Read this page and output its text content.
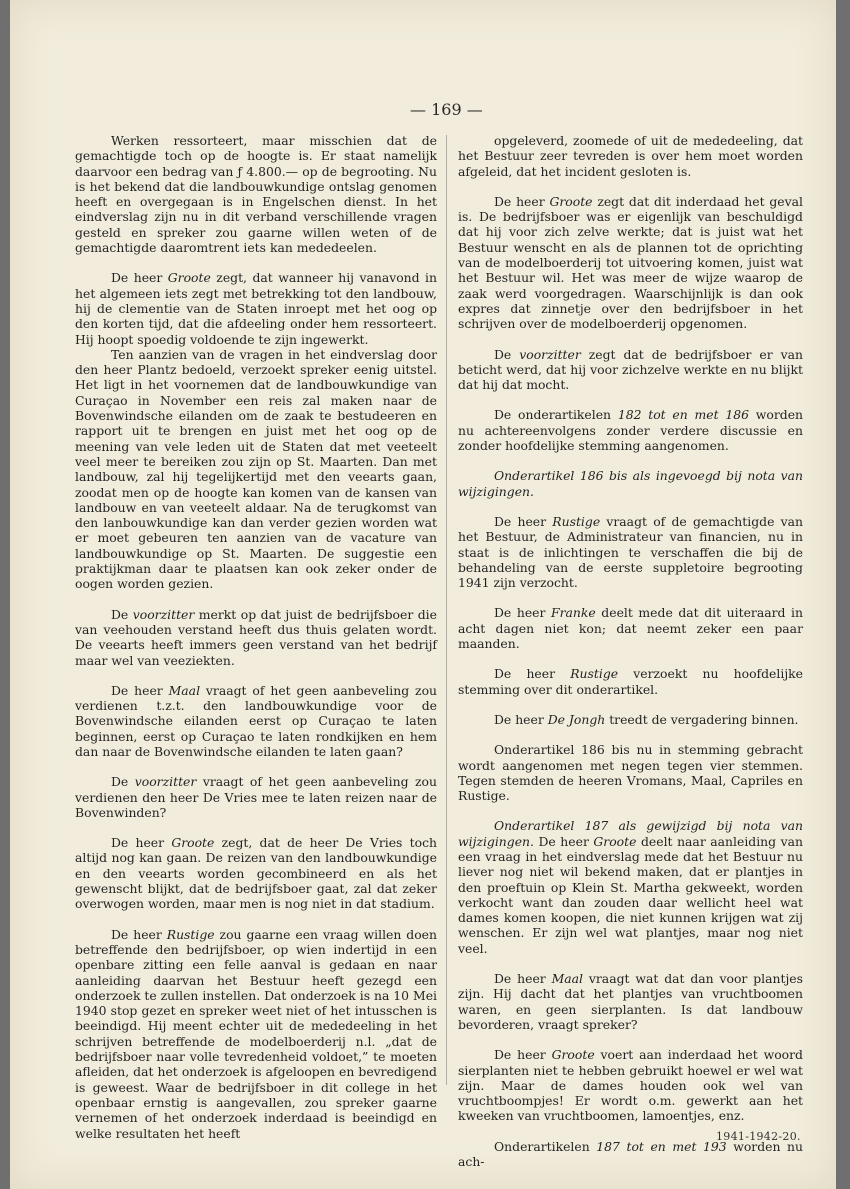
— 169 —

Werken ressorteert, maar misschien dat de gemachtigde toch op de hoogte is. Er staat namelijk daarvoor een bedrag van ƒ 4.800.— op de begrooting. Nu is het bekend dat die landbouwkundige ontslag genomen heeft en overgegaan is in Engelschen dienst. In het eindverslag zijn nu in dit verband verschillende vragen gesteld en spreker zou gaarne willen weten of de gemachtigde daaromtrent iets kan mededeelen.

De heer Groote zegt, dat wanneer hij vanavond in het algemeen iets zegt met betrekking tot den landbouw, hij de clementie van de Staten inroept met het oog op den korten tijd, dat die afdeeling onder hem ressorteert. Hij hoopt spoedig voldoende te zijn ingewerkt.

Ten aanzien van de vragen in het eindverslag door den heer Plantz bedoeld, verzoekt spreker eenig uitstel. Het ligt in het voornemen dat de landbouwkundige van Curaçao in November een reis zal maken naar de Bovenwindsche eilanden om de zaak te bestudeeren en rapport uit te brengen en juist met het oog op de meening van vele leden uit de Staten dat met veeteelt veel meer te bereiken zou zijn op St. Maarten. Dan met landbouw, zal hij tegelijkertijd met den veearts gaan, zoodat men op de hoogte kan komen van de kansen van landbouw en van veeteelt aldaar. Na de terugkomst van den lanbouwkundige kan dan verder gezien worden wat er moet gebeuren ten aanzien van de vacature van landbouwkundige op St. Maarten. De suggestie een praktijkman daar te plaatsen kan ook zeker onder de oogen worden gezien.

De voorzitter merkt op dat juist de bedrijfsboer die van veehouden verstand heeft dus thuis gelaten wordt. De veearts heeft immers geen verstand van het bedrijf maar wel van veeziekten.

De heer Maal vraagt of het geen aanbeveling zou verdienen t.z.t. den landbouwkundige voor de Bovenwindsche eilanden eerst op Curaçao te laten beginnen, eerst op Curaçao te laten rondkijken en hem dan naar de Bovenwindsche eilanden te laten gaan?

De voorzitter vraagt of het geen aanbeveling zou verdienen den heer De Vries mee te laten reizen naar de Bovenwinden?

De heer Groote zegt, dat de heer De Vries toch altijd nog kan gaan. De reizen van den landbouwkundige en den veearts worden gecombineerd en als het gewenscht blijkt, dat de bedrijfsboer gaat, zal dat zeker overwogen worden, maar men is nog niet in dat stadium.

De heer Rustige zou gaarne een vraag willen doen betreffende den bedrijfsboer, op wien indertijd in een openbare zitting een felle aanval is gedaan en naar aanleiding daarvan het Bestuur heeft gezegd een onderzoek te zullen instellen. Dat onderzoek is na 10 Mei 1940 stop gezet en spreker weet niet of het intusschen is beeindigd. Hij meent echter uit de mededeeling in het schrijven betreffende de modelboerderij n.l. „dat de bedrijfsboer naar volle tevredenheid voldoet,” te moeten afleiden, dat het onderzoek is afgeloopen en bevredigend is geweest. Waar de bedrijfsboer in dit college in het openbaar ernstig is aangevallen, zou spreker gaarne vernemen of het onderzoek inderdaad is beeindigd en welke resultaten het heeft

opgeleverd, zoomede of uit de mededeeling, dat het Bestuur zeer tevreden is over hem moet worden afgeleid, dat het incident gesloten is.

De heer Groote zegt dat dit inderdaad het geval is. De bedrijfsboer was er eigenlijk van beschuldigd dat hij voor zich zelve werkte; dat is juist wat het Bestuur wenscht en als de plannen tot de oprichting van de modelboerderij tot uitvoering komen, juist wat het Bestuur wil. Het was meer de wijze waarop de zaak werd voorgedragen. Waarschijnlijk is dan ook expres dat zinnetje over den bedrijfsboer in het schrijven over de modelboerderij opgenomen.

De voorzitter zegt dat de bedrijfsboer er van beticht werd, dat hij voor zichzelve werkte en nu blijkt dat hij dat mocht.

De onderartikelen 182 tot en met 186 worden nu achtereenvolgens zonder verdere discussie en zonder hoofdelijke stemming aangenomen.

Onderartikel 186 bis als ingevoegd bij nota van wijzigingen.

De heer Rustige vraagt of de gemachtigde van het Bestuur, de Administrateur van financien, nu in staat is de inlichtingen te verschaffen die bij de behandeling van de eerste suppletoire begrooting 1941 zijn verzocht.

De heer Franke deelt mede dat dit uiteraard in acht dagen niet kon; dat neemt zeker een paar maanden.

De heer Rustige verzoekt nu hoofdelijke stemming over dit onderartikel.

De heer De Jongh treedt de vergadering binnen.

Onderartikel 186 bis nu in stemming gebracht wordt aangenomen met negen tegen vier stemmen. Tegen stemden de heeren Vromans, Maal, Capriles en Rustige.

Onderartikel 187 als gewijzigd bij nota van wijzigingen. De heer Groote deelt naar aanleiding van een vraag in het eindverslag mede dat het Bestuur nu liever nog niet wil bekend maken, dat er plantjes in den proeftuin op Klein St. Martha gekweekt, worden verkocht want dan zouden daar wellicht heel wat dames komen koopen, die niet kunnen krijgen wat zij wenschen. Er zijn wel wat plantjes, maar nog niet veel.

De heer Maal vraagt wat dat dan voor plantjes zijn. Hij dacht dat het plantjes van vruchtboomen waren, en geen sierplanten. Is dat landbouw bevorderen, vraagt spreker?

De heer Groote voert aan inderdaad het woord sierplanten niet te hebben gebruikt hoewel er wel wat zijn. Maar de dames houden ook wel van vruchtboompjes! Er wordt o.m. gewerkt aan het kweeken van vruchtboomen, lamoentjes, enz.

Onderartikelen 187 tot en met 193 worden nu ach-

1941-1942-20.
